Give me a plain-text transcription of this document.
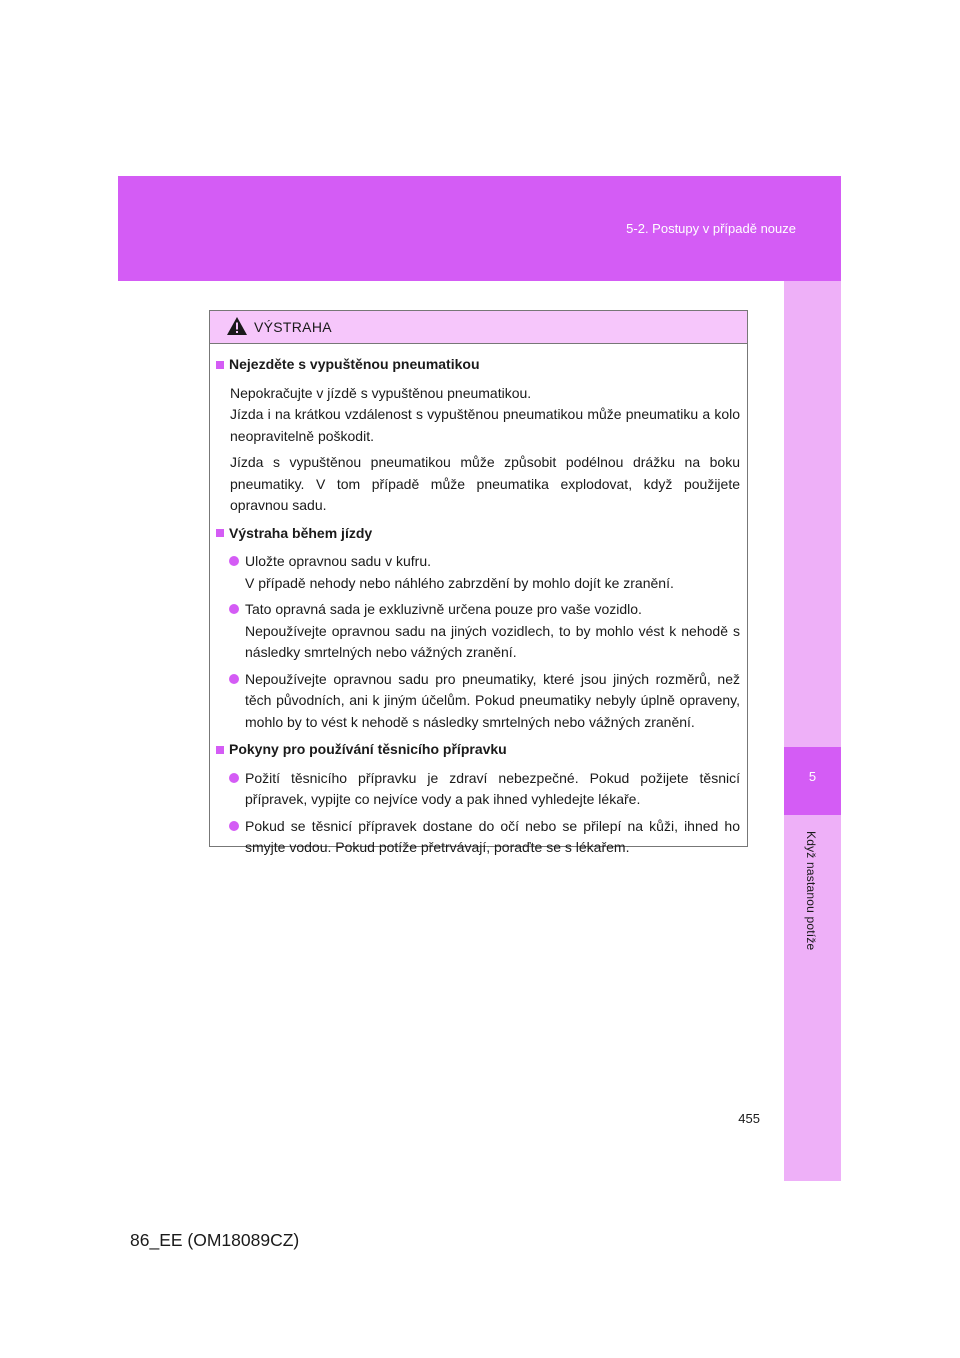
5-2. Postupy v případě nouze
5
Když nastanou potíže
VÝSTRAHA
Nejezděte s vypuštěnou pneumatikou
Nepokračujte v jízdě s vypuštěnou pneumatikou.
Jízda i na krátkou vzdálenost s vypuštěnou pneumatikou může pneumatiku a kolo neopravitelně poškodit.
Jízda s vypuštěnou pneumatikou může způsobit podélnou drážku na boku pneumatiky. V tom případě může pneumatika explodovat, když použijete opravnou sadu.
Výstraha během jízdy
Uložte opravnou sadu v kufru.
V případě nehody nebo náhlého zabrzdění by mohlo dojít ke zranění.
Tato opravná sada je exkluzivně určena pouze pro vaše vozidlo.
Nepoužívejte opravnou sadu na jiných vozidlech, to by mohlo vést k nehodě s následky smrtelných nebo vážných zranění.
Nepoužívejte opravnou sadu pro pneumatiky, které jsou jiných rozměrů, než těch původních, ani k jiným účelům. Pokud pneumatiky nebyly úplně opraveny, mohlo by to vést k nehodě s následky smrtelných nebo vážných zranění.
Pokyny pro používání těsnicího přípravku
Požití těsnicího přípravku je zdraví nebezpečné. Pokud požijete těsnicí přípravek, vypijte co nejvíce vody a pak ihned vyhledejte lékaře.
Pokud se těsnicí přípravek dostane do očí nebo se přilepí na kůži, ihned ho smyjte vodou. Pokud potíže přetrvávají, poraďte se s lékařem.
455
86_EE (OM18089CZ)
